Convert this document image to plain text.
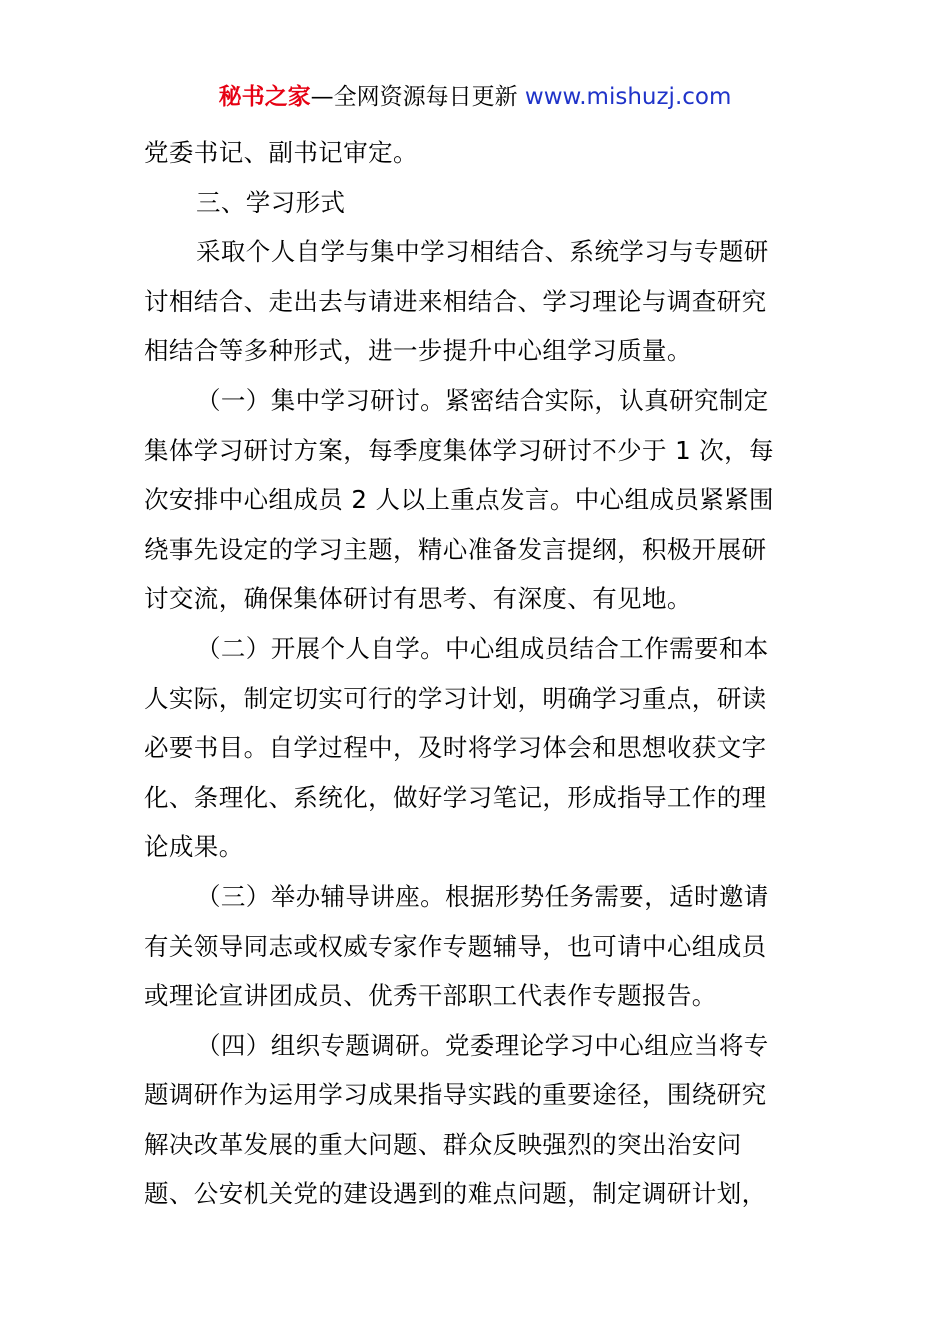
秘书之家—全网资源每日更新 www.mishuzj.com
党委书记、副书记审定。
三、学习形式
采取个人自学与集中学习相结合、系统学习与专题研
讨相结合、走出去与请进来相结合、学习理论与调查研究
相结合等多种形式，进一步提升中心组学习质量。
（一）集中学习研讨。紧密结合实际，认真研究制定
集体学习研讨方案，每季度集体学习研讨不少于 1 次，每
次安排中心组成员 2 人以上重点发言。中心组成员紧紧围
绕事先设定的学习主题，精心准备发言提纲，积极开展研
讨交流，确保集体研讨有思考、有深度、有见地。
（二）开展个人自学。中心组成员结合工作需要和本
人实际，制定切实可行的学习计划，明确学习重点，研读
必要书目。自学过程中，及时将学习体会和思想收获文字
化、条理化、系统化，做好学习笔记，形成指导工作的理
论成果。
（三）举办辅导讲座。根据形势任务需要，适时邀请
有关领导同志或权威专家作专题辅导，也可请中心组成员
或理论宣讲团成员、优秀干部职工代表作专题报告。
（四）组织专题调研。党委理论学习中心组应当将专
题调研作为运用学习成果指导实践的重要途径，围绕研究
解决改革发展的重大问题、群众反映强烈的突出治安问
题、公安机关党的建设遇到的难点问题，制定调研计划，
